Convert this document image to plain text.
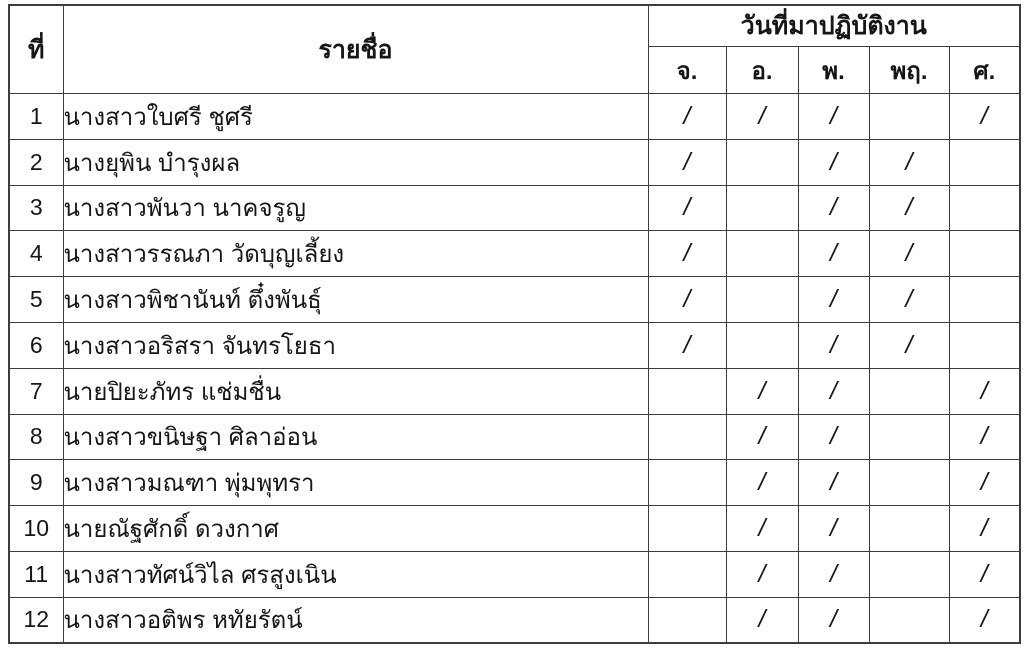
ที่	รายชื่อ	วันที่มาปฏิบัติงาน				
		จ.	อ.	พ.	พฤ.	ศ.
1	นางสาวใบศรี ชูศรี	/	/	/		/
2	นางยุพิน บำรุงผล	/		/	/	
3	นางสาวพันวา นาคจรูญ	/		/	/	
4	นางสาวรรณภา วัดบุญเลี้ยง	/		/	/	
5	นางสาวพิชานันท์ ตึ๋งพันธุ์	/		/	/	
6	นางสาวอริสรา จันทรโยธา	/		/	/	
7	นายปิยะภัทร แช่มชื่น		/	/		/
8	นางสาวขนิษฐา ศิลาอ่อน		/	/		/
9	นางสาวมณฑา พุ่มพุทรา		/	/		/
10	นายณัฐศักดิ์ ดวงกาศ		/	/		/
11	นางสาวทัศน์วิไล ศรสูงเนิน		/	/		/
12	นางสาวอติพร หทัยรัตน์		/	/		/
